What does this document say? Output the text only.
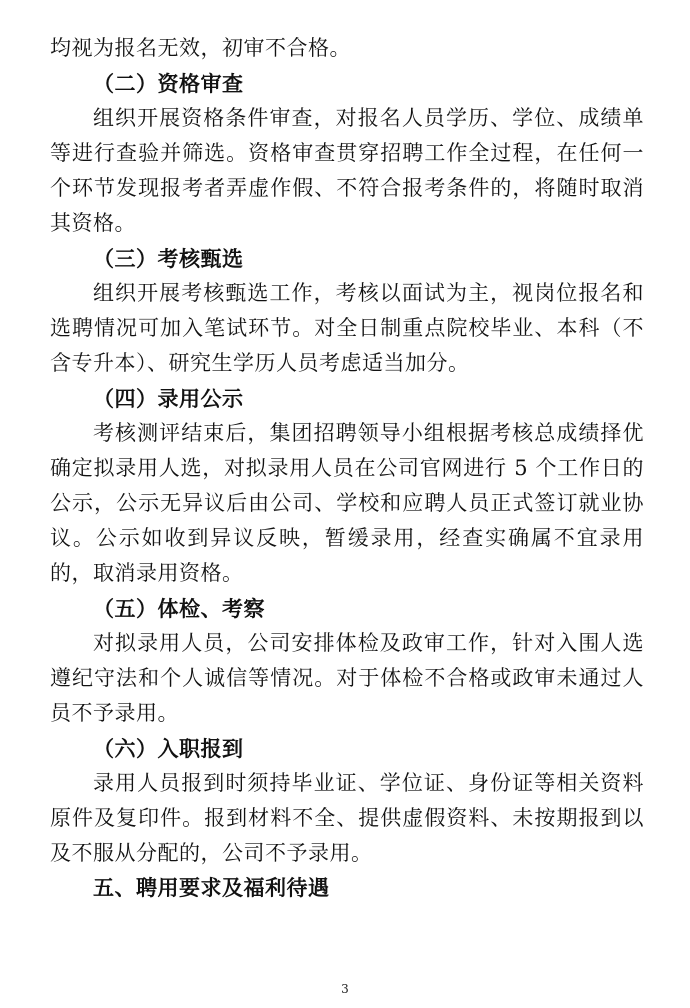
均视为报名无效，初审不合格。

（二）资格审查

组织开展资格条件审查，对报名人员学历、学位、成绩单等进行查验并筛选。资格审查贯穿招聘工作全过程，在任何一个环节发现报考者弄虚作假、不符合报考条件的，将随时取消其资格。

（三）考核甄选

组织开展考核甄选工作，考核以面试为主，视岗位报名和选聘情况可加入笔试环节。对全日制重点院校毕业、本科（不含专升本）、研究生学历人员考虑适当加分。

（四）录用公示

考核测评结束后，集团招聘领导小组根据考核总成绩择优确定拟录用人选，对拟录用人员在公司官网进行 5 个工作日的公示，公示无异议后由公司、学校和应聘人员正式签订就业协议。公示如收到异议反映，暂缓录用，经查实确属不宜录用的，取消录用资格。

（五）体检、考察

对拟录用人员，公司安排体检及政审工作，针对入围人选遵纪守法和个人诚信等情况。对于体检不合格或政审未通过人员不予录用。

（六）入职报到

录用人员报到时须持毕业证、学位证、身份证等相关资料原件及复印件。报到材料不全、提供虚假资料、未按期报到以及不服从分配的，公司不予录用。

五、聘用要求及福利待遇

3
